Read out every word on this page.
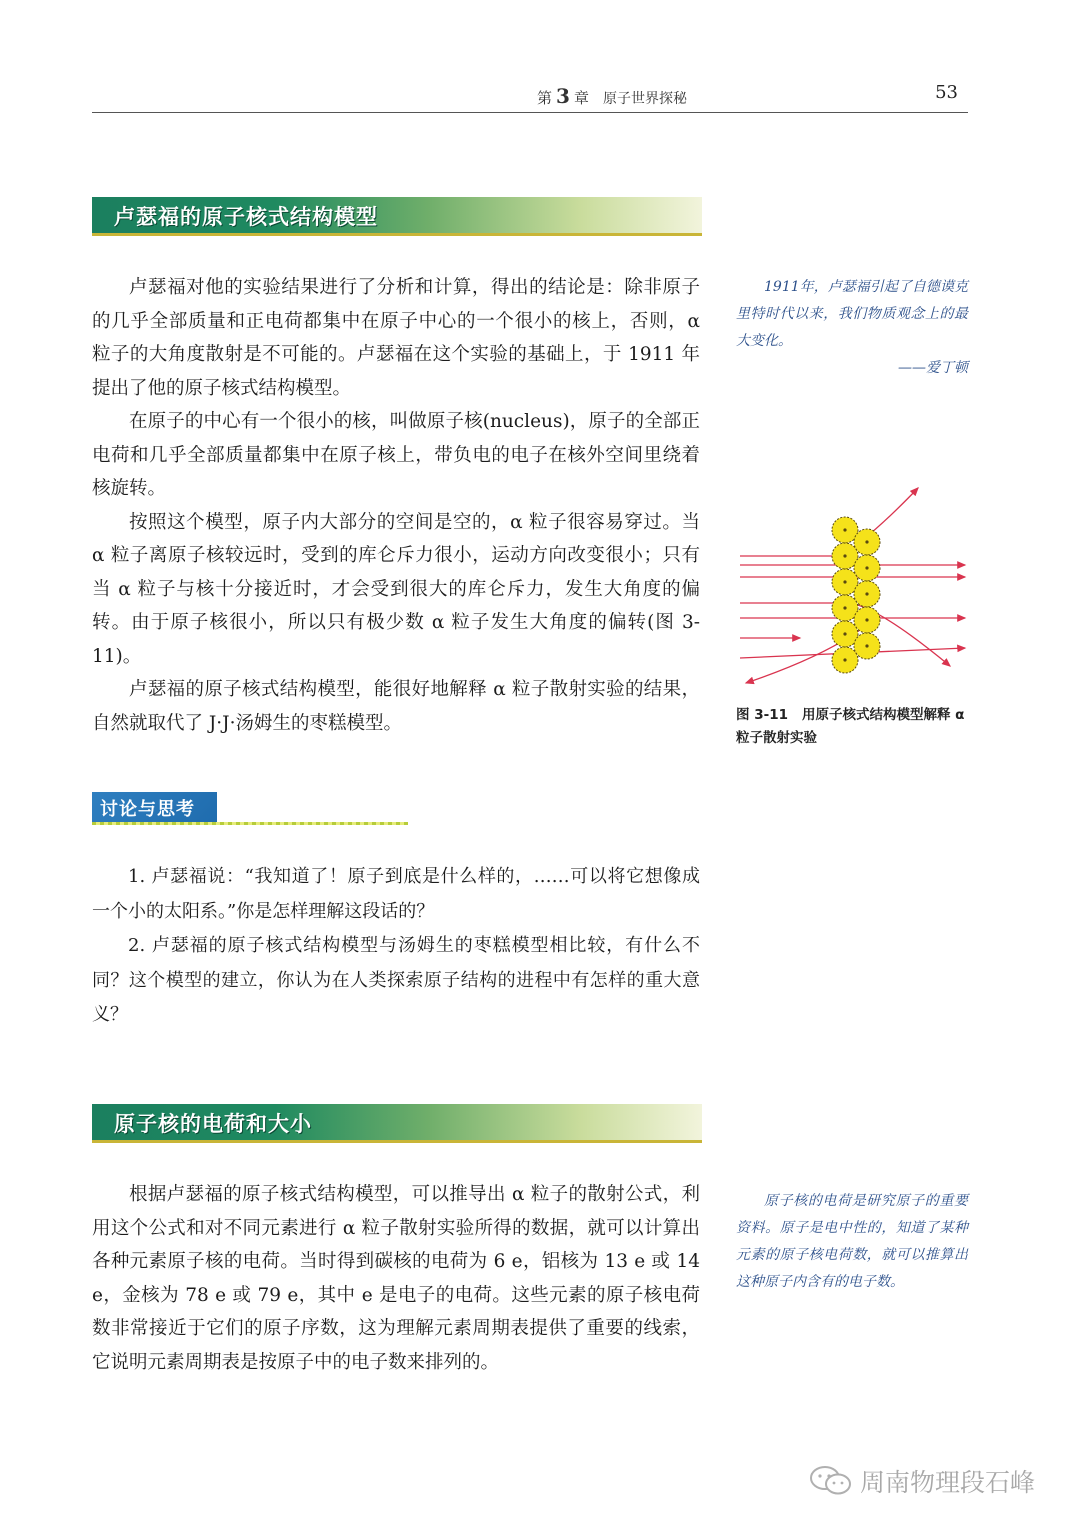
第 3 章 原子世界探秘	53
卢瑟福的原子核式结构模型

卢瑟福对他的实验结果进行了分析和计算，得出的结论是：除非原子的几乎全部质量和正电荷都集中在原子中心的一个很小的核上，否则，α 粒子的大角度散射是不可能的。卢瑟福在这个实验的基础上，于 1911 年提出了他的原子核式结构模型。

在原子的中心有一个很小的核，叫做原子核(nucleus)，原子的全部正电荷和几乎全部质量都集中在原子核上，带负电的电子在核外空间里绕着核旋转。

按照这个模型，原子内大部分的空间是空的，α 粒子很容易穿过。当 α 粒子离原子核较远时，受到的库仑斥力很小，运动方向改变很小；只有当 α 粒子与核十分接近时，才会受到很大的库仑斥力，发生大角度的偏转。由于原子核很小，所以只有极少数 α 粒子发生大角度的偏转(图 3-11)。

卢瑟福的原子核式结构模型，能很好地解释 α 粒子散射实验的结果，自然就取代了 J·J·汤姆生的枣糕模型。

1911年，卢瑟福引起了自德谟克里特时代以来，我们物质观念上的最大变化。

——爱丁顿

图 3-11 用原子核式结构模型解释 α 粒子散射实验
讨论与思考

1. 卢瑟福说：“我知道了！原子到底是什么样的，……可以将它想像成一个小的太阳系。”你是怎样理解这段话的？

2. 卢瑟福的原子核式结构模型与汤姆生的枣糕模型相比较，有什么不同？这个模型的建立，你认为在人类探索原子结构的进程中有怎样的重大意义？

原子核的电荷和大小

根据卢瑟福的原子核式结构模型，可以推导出 α 粒子的散射公式，利用这个公式和对不同元素进行 α 粒子散射实验所得的数据，就可以计算出各种元素原子核的电荷。当时得到碳核的电荷为 6 e，铝核为 13 e 或 14 e，金核为 78 e 或 79 e，其中 e 是电子的电荷。这些元素的原子核电荷数非常接近于它们的原子序数，这为理解元素周期表提供了重要的线索，它说明元素周期表是按原子中的电子数来排列的。

原子核的电荷是研究原子的重要资料。原子是电中性的，知道了某种元素的原子核电荷数，就可以推算出这种原子内含有的电子数。

周南物理段石峰
